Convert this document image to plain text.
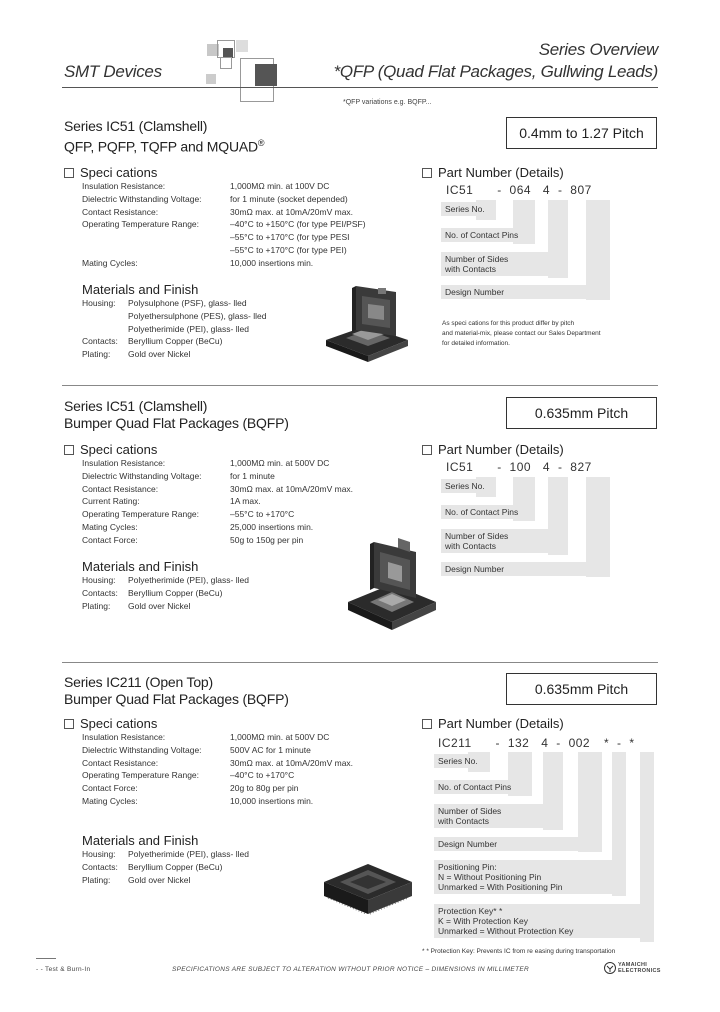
SMT Devices
Series Overview
*QFP (Quad Flat Packages, Gullwing Leads)
*QFP variations e.g. BQFP...
Series IC51 (Clamshell)
QFP, PQFP, TQFP and MQUAD®
0.4mm to 1.27 Pitch
Speci cations
Insulation Resistance:	1,000MΩ min. at 100V DC
Dielectric Withstanding Voltage:	for 1 minute (socket depended)
Contact Resistance:	30mΩ max. at 10mA/20mV max.
Operating Temperature Range:	–40°C to +150°C (for type PEI/PSF)
–55°C to +170°C (for type PESI
–55°C to +170°C (for type PEI)
Mating Cycles:	10,000 insertions min.
Materials and Finish
Housing:	Polysulphone (PSF), glass- lled
Polyethersulphone (PES), glass- lled
Polyetherimide (PEI), glass- lled
Contacts:	Beryllium Copper (BeCu)
Plating:	Gold over Nickel
Part Number (Details)
IC51 - 064 4 - 807
Series No.
No. of Contact Pins
Number of Sides
with Contacts
Design Number
As speci cations for this product differ by pitch
and material-mix, please contact our Sales Department
for detailed information.
Series IC51 (Clamshell)
Bumper Quad Flat Packages (BQFP)
0.635mm Pitch
Speci cations
Insulation Resistance:	1,000MΩ min. at 500V DC
Dielectric Withstanding Voltage:	for 1 minute
Contact Resistance:	30mΩ max. at 10mA/20mV max.
Current Rating:	1A max.
Operating Temperature Range:	–55°C to +170°C
Mating Cycles:	25,000 insertions min.
Contact Force:	50g to 150g per pin
Materials and Finish
Housing:	Polyetherimide (PEI), glass- lled
Contacts:	Beryllium Copper (BeCu)
Plating:	Gold over Nickel
Part Number (Details)
IC51 - 100 4 - 827
Series No.
No. of Contact Pins
Number of Sides
with Contacts
Design Number
Series IC211 (Open Top)
Bumper Quad Flat Packages (BQFP)
0.635mm Pitch
Speci cations
Insulation Resistance:	1,000MΩ min. at 500V DC
Dielectric Withstanding Voltage:	500V AC for 1 minute
Contact Resistance:	30mΩ max. at 10mA/20mV max.
Operating Temperature Range:	–40°C to +170°C
Contact Force:	20g to 80g per pin
Mating Cycles:	10,000 insertions min.
Materials and Finish
Housing:	Polyetherimide (PEI), glass- lled
Contacts:	Beryllium Copper (BeCu)
Plating:	Gold over Nickel
Part Number (Details)
IC211 - 132 4 - 002 * - *
Series No.
No. of Contact Pins
Number of Sides
with Contacts
Design Number
Positioning Pin:
N = Without Positioning Pin
Unmarked = With Positioning Pin
Protection Key* *
K = With Protection Key
Unmarked = Without Protection Key
* * Protection Key: Prevents IC from re easing during transportation
- - Test & Burn-In	SPECIFICATIONS ARE SUBJECT TO ALTERATION WITHOUT PRIOR NOTICE – DIMENSIONS IN MILLIMETER
YAMAICHI
ELECTRONICS
